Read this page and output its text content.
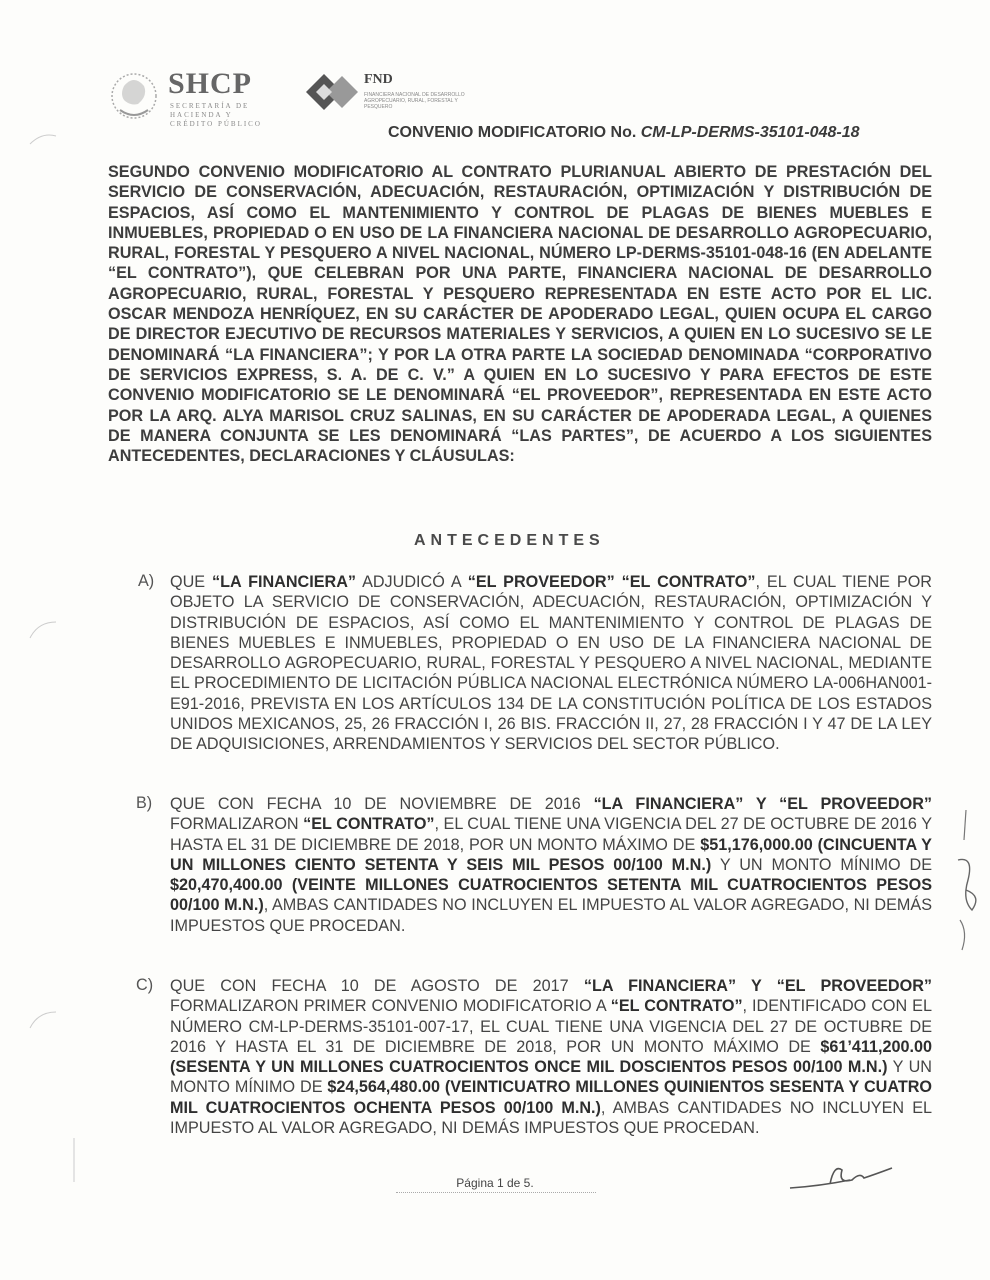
SHCP
SECRETARÍA DE HACIENDA Y CRÉDITO PÚBLICO
FND
FINANCIERA NACIONAL DE DESARROLLO AGROPECUARIO, RURAL, FORESTAL Y PESQUERO
CONVENIO MODIFICATORIO No. CM-LP-DERMS-35101-048-18
SEGUNDO CONVENIO MODIFICATORIO AL CONTRATO PLURIANUAL ABIERTO DE PRESTACIÓN DEL SERVICIO DE CONSERVACIÓN, ADECUACIÓN, RESTAURACIÓN, OPTIMIZACIÓN Y DISTRIBUCIÓN DE ESPACIOS, ASÍ COMO EL MANTENIMIENTO Y CONTROL DE PLAGAS DE BIENES MUEBLES E INMUEBLES, PROPIEDAD O EN USO DE LA FINANCIERA NACIONAL DE DESARROLLO AGROPECUARIO, RURAL, FORESTAL Y PESQUERO A NIVEL NACIONAL, NÚMERO LP-DERMS-35101-048-16 (EN ADELANTE “EL CONTRATO”), QUE CELEBRAN POR UNA PARTE, FINANCIERA NACIONAL DE DESARROLLO AGROPECUARIO, RURAL, FORESTAL Y PESQUERO REPRESENTADA EN ESTE ACTO POR EL LIC. OSCAR MENDOZA HENRÍQUEZ, EN SU CARÁCTER DE APODERADO LEGAL, QUIEN OCUPA EL CARGO DE DIRECTOR EJECUTIVO DE RECURSOS MATERIALES Y SERVICIOS, A QUIEN EN LO SUCESIVO SE LE DENOMINARÁ “LA FINANCIERA”; Y POR LA OTRA PARTE LA SOCIEDAD DENOMINADA “CORPORATIVO DE SERVICIOS EXPRESS, S. A. DE C. V.” A QUIEN EN LO SUCESIVO Y PARA EFECTOS DE ESTE CONVENIO MODIFICATORIO SE LE DENOMINARÁ “EL PROVEEDOR”, REPRESENTADA EN ESTE ACTO POR LA ARQ. ALYA MARISOL CRUZ SALINAS, EN SU CARÁCTER DE APODERADA LEGAL, A QUIENES DE MANERA CONJUNTA SE LES DENOMINARÁ “LAS PARTES”, DE ACUERDO A LOS SIGUIENTES ANTECEDENTES, DECLARACIONES Y CLÁUSULAS:
ANTECEDENTES
A) QUE “LA FINANCIERA” ADJUDICÓ A “EL PROVEEDOR” “EL CONTRATO”, EL CUAL TIENE POR OBJETO LA SERVICIO DE CONSERVACIÓN, ADECUACIÓN, RESTAURACIÓN, OPTIMIZACIÓN Y DISTRIBUCIÓN DE ESPACIOS, ASÍ COMO EL MANTENIMIENTO Y CONTROL DE PLAGAS DE BIENES MUEBLES E INMUEBLES, PROPIEDAD O EN USO DE LA FINANCIERA NACIONAL DE DESARROLLO AGROPECUARIO, RURAL, FORESTAL Y PESQUERO A NIVEL NACIONAL, MEDIANTE EL PROCEDIMIENTO DE LICITACIÓN PÚBLICA NACIONAL ELECTRÓNICA NÚMERO LA-006HAN001-E91-2016, PREVISTA EN LOS ARTÍCULOS 134 DE LA CONSTITUCIÓN POLÍTICA DE LOS ESTADOS UNIDOS MEXICANOS, 25, 26 FRACCIÓN I, 26 BIS. FRACCIÓN II, 27, 28 FRACCIÓN I Y 47 DE LA LEY DE ADQUISICIONES, ARRENDAMIENTOS Y SERVICIOS DEL SECTOR PÚBLICO.
B) QUE CON FECHA 10 DE NOVIEMBRE DE 2016 “LA FINANCIERA” Y “EL PROVEEDOR” FORMALIZARON “EL CONTRATO”, EL CUAL TIENE UNA VIGENCIA DEL 27 DE OCTUBRE DE 2016 Y HASTA EL 31 DE DICIEMBRE DE 2018, POR UN MONTO MÁXIMO DE $51,176,000.00 (CINCUENTA Y UN MILLONES CIENTO SETENTA Y SEIS MIL PESOS 00/100 M.N.) Y UN MONTO MÍNIMO DE $20,470,400.00 (VEINTE MILLONES CUATROCIENTOS SETENTA MIL CUATROCIENTOS PESOS 00/100 M.N.), AMBAS CANTIDADES NO INCLUYEN EL IMPUESTO AL VALOR AGREGADO, NI DEMÁS IMPUESTOS QUE PROCEDAN.
C) QUE CON FECHA 10 DE AGOSTO DE 2017 “LA FINANCIERA” Y “EL PROVEEDOR” FORMALIZARON PRIMER CONVENIO MODIFICATORIO A “EL CONTRATO”, IDENTIFICADO CON EL NÚMERO CM-LP-DERMS-35101-007-17, EL CUAL TIENE UNA VIGENCIA DEL 27 DE OCTUBRE DE 2016 Y HASTA EL 31 DE DICIEMBRE DE 2018, POR UN MONTO MÁXIMO DE $61’411,200.00 (SESENTA Y UN MILLONES CUATROCIENTOS ONCE MIL DOSCIENTOS PESOS 00/100 M.N.) Y UN MONTO MÍNIMO DE $24,564,480.00 (VEINTICUATRO MILLONES QUINIENTOS SESENTA Y CUATRO MIL CUATROCIENTOS OCHENTA PESOS 00/100 M.N.), AMBAS CANTIDADES NO INCLUYEN EL IMPUESTO AL VALOR AGREGADO, NI DEMÁS IMPUESTOS QUE PROCEDAN.
Página 1 de 5.
